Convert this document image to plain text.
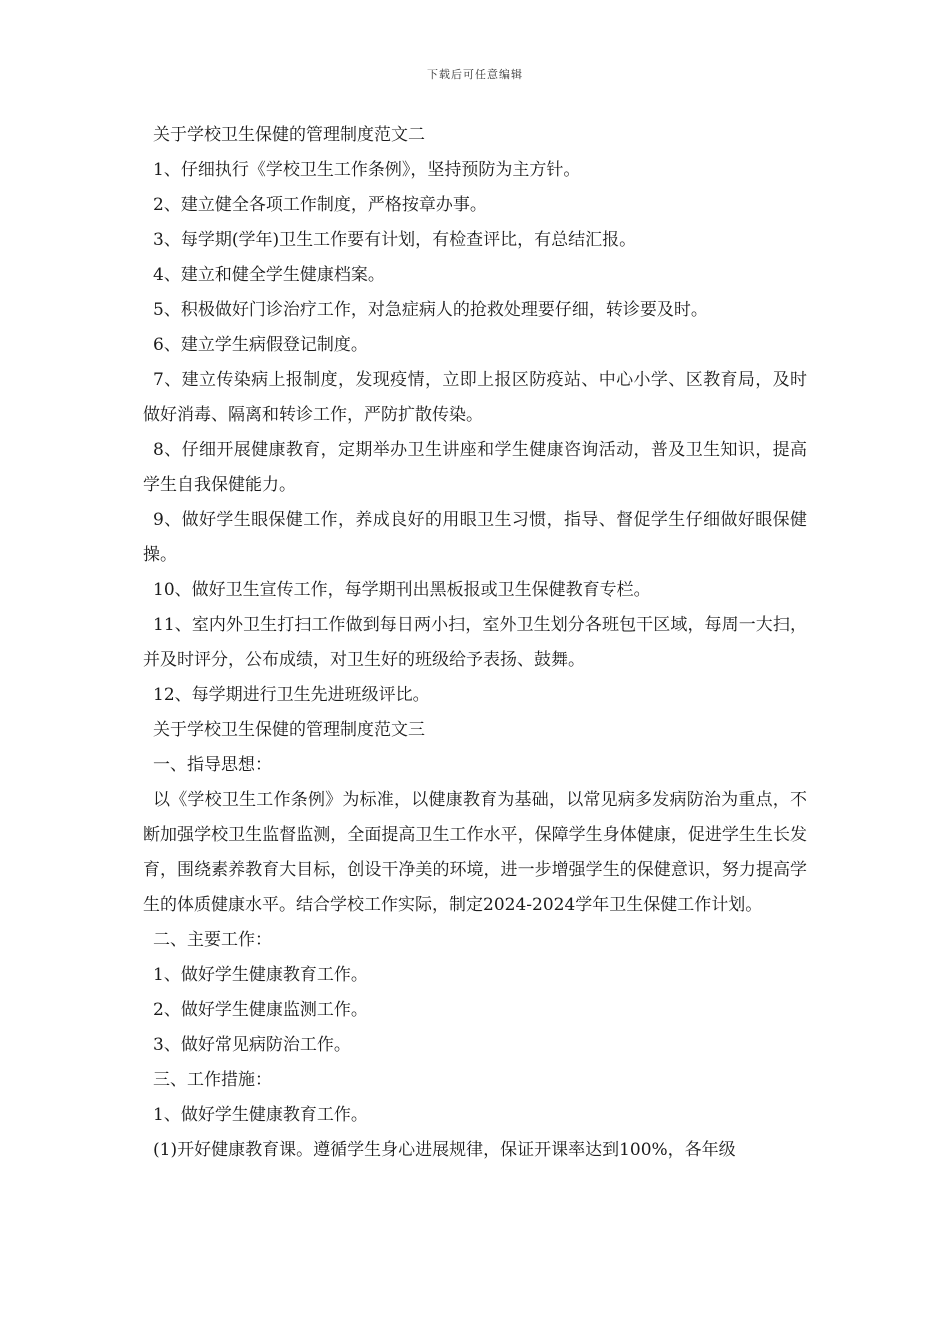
下载后可任意编辑

关于学校卫生保健的管理制度范文二

1、仔细执行《学校卫生工作条例》，坚持预防为主方针。

2、建立健全各项工作制度，严格按章办事。

3、每学期(学年)卫生工作要有计划，有检查评比，有总结汇报。

4、建立和健全学生健康档案。

5、积极做好门诊治疗工作，对急症病人的抢救处理要仔细，转诊要及时。

6、建立学生病假登记制度。

7、建立传染病上报制度，发现疫情，立即上报区防疫站、中心小学、区教育局，及时做好消毒、隔离和转诊工作，严防扩散传染。

8、仔细开展健康教育，定期举办卫生讲座和学生健康咨询活动，普及卫生知识，提高学生自我保健能力。

9、做好学生眼保健工作，养成良好的用眼卫生习惯，指导、督促学生仔细做好眼保健操。

10、做好卫生宣传工作，每学期刊出黑板报或卫生保健教育专栏。

11、室内外卫生打扫工作做到每日两小扫，室外卫生划分各班包干区域，每周一大扫，并及时评分，公布成绩，对卫生好的班级给予表扬、鼓舞。

12、每学期进行卫生先进班级评比。

关于学校卫生保健的管理制度范文三

一、指导思想：

以《学校卫生工作条例》为标准，以健康教育为基础，以常见病多发病防治为重点，不断加强学校卫生监督监测，全面提高卫生工作水平，保障学生身体健康，促进学生生长发育，围绕素养教育大目标，创设干净美的环境，进一步增强学生的保健意识，努力提高学生的体质健康水平。结合学校工作实际，制定2024-2024学年卫生保健工作计划。

二、主要工作：

1、做好学生健康教育工作。

2、做好学生健康监测工作。

3、做好常见病防治工作。

三、工作措施：

1、做好学生健康教育工作。

(1)开好健康教育课。遵循学生身心进展规律，保证开课率达到100%，各年级
